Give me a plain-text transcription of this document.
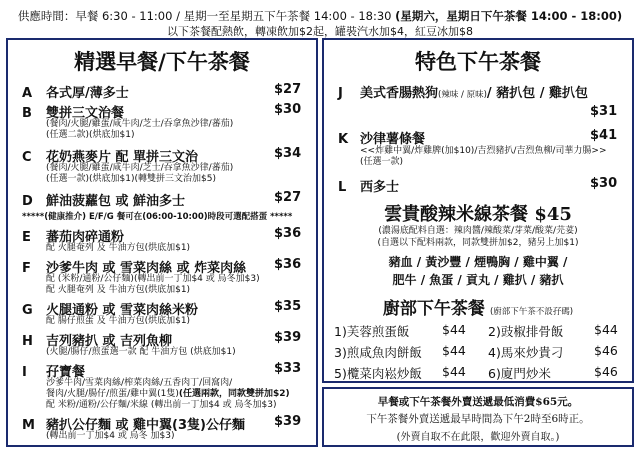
供應時間：早餐 6:30 - 11:00 / 星期一至星期五下午茶餐 14:00 - 18:30 (星期六，星期日下午茶餐 14:00 - 18:00)
以下茶餐配熱飲，轉凍飲加$2起，罐裝汽水加$4，紅豆冰加$8
精選早餐/下午茶餐
A 各式厚/薄多士	$27
B 雙拼三文治餐	$30
(餐肉/火腿/雞蛋/咸牛肉/芝士/吞拿魚沙律/蕃茄)
(任選二款)(烘底加$1)
C 花奶燕麥片 配 單拼三文治	$34
(餐肉/火腿/雞蛋/咸牛肉/芝士/吞拿魚沙律/蕃茄)
(任選一款)(烘底加$1)(轉雙拼三文治加$5)
D 鮮油菠蘿包 或 鮮油多士	$27
*****(健康推介) E/F/G 餐可在(06:00-10:00)時段可選配搭蛋 *****
E 蕃茄肉碎通粉	$36
配 火腿奄列 及 牛油方包(烘底加$1)
F 沙爹牛肉 或 雪菜肉絲 或 炸菜肉絲 $36
配 (米粉/通粉/公仔麵)(轉出前一丁加$4 或 烏冬加$3)
配 火腿奄列 及 牛油方包(烘底加$1)
G 火腿通粉 或 雪菜肉絲米粉	$35
配 腸仔煎蛋 及 牛油方包(烘底加$1)
H 吉列豬扒 或 吉列魚柳	$39
(火腿/腸仔/煎蛋選一款 配 牛油方包 (烘底加$1)
I 孖寶餐	$33
沙爹牛肉/雪菜肉絲/榨菜肉絲/五香肉丁/回窩肉/
餐肉/火腿/腸仔/煎蛋/雞中翼(1隻)(任選兩款，同款雙拼加$2)
配 米粉/通粉/公仔麵/米線 (轉出前一丁加$4 或 烏冬加$3)
M 豬扒公仔麵 或 雞中翼(3隻)公仔麵 $39
(轉出前一丁加$4 或 烏冬 加$3)
特色下午茶餐
J 美式香腸熱狗(辣味 / 原味)/ 豬扒包 / 雞扒包
$31
K 沙律薯條餐	$41
<<炸雞中翼/炸雞脾(加$10)/吉烈豬扒/吉烈魚柳/司華力腸>>
(任選一款)
L 西多士	$30
雲貴酸辣米線茶餐 $45
(濃湯底配料自選：辣肉醬/辣酸菜/芽菜/酸菜/芫荽)
(自選以下配料兩款，同款雙拼加$2，豬另上加$1)
豬血 / 黃沙豐 / 煙鴨胸 / 雞中翼 /
肥牛 / 魚蛋 / 貢丸 / 雞扒 / 豬扒
廚部下午茶餐 (廚部下午茶不設孖碼)
1)芙蓉煎蛋飯	$44 2)豉椒排骨飯 $44
3)煎咸魚肉餅飯 $44 4)馬來炒貴刁 $46
5)欖菜肉崧炒飯 $44 6)廈門炒米	$46
早餐或下午茶餐外賣送遞最低消費$65元。
下午茶餐外賣送遞最早時間為下午2時至6時正。
(外賣自取不在此限，歡迎外賣自取。)
